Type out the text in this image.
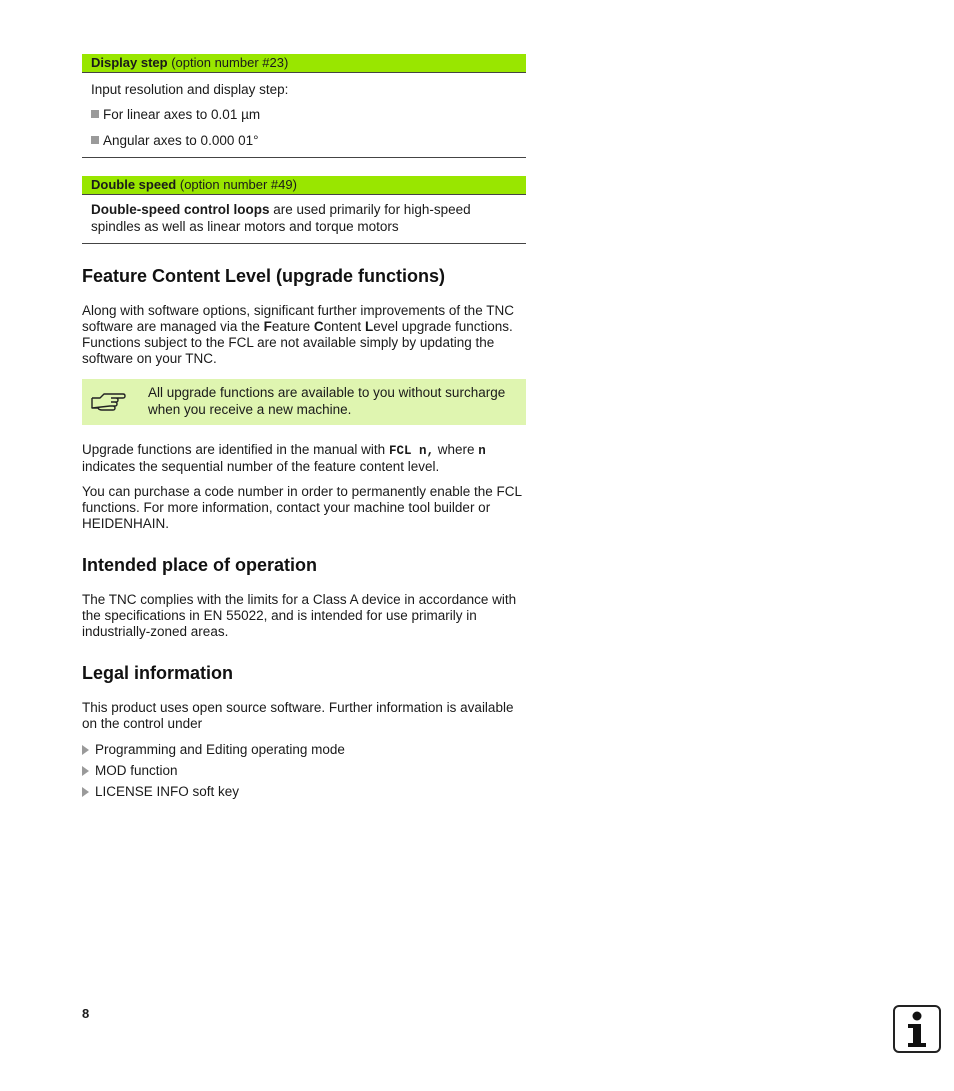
Display step (option number #23)

Input resolution and display step:

For linear axes to 0.01 µm

Angular axes to 0.000 01°

Double speed (option number #49)

Double-speed control loops are used primarily for high-speed spindles as well as linear motors and torque motors

Feature Content Level (upgrade functions)

Along with software options, significant further improvements of the TNC software are managed via the Feature Content Level upgrade functions. Functions subject to the FCL are not available simply by updating the software on your TNC.

All upgrade functions are available to you without surcharge when you receive a new machine.

Upgrade functions are identified in the manual with FCL n, where n indicates the sequential number of the feature content level.

You can purchase a code number in order to permanently enable the FCL functions. For more information, contact your machine tool builder or HEIDENHAIN.

Intended place of operation

The TNC complies with the limits for a Class A device in accordance with the specifications in EN 55022, and is intended for use primarily in industrially-zoned areas.

Legal information

This product uses open source software. Further information is available on the control under

Programming and Editing operating mode
MOD function
LICENSE INFO soft key
8
